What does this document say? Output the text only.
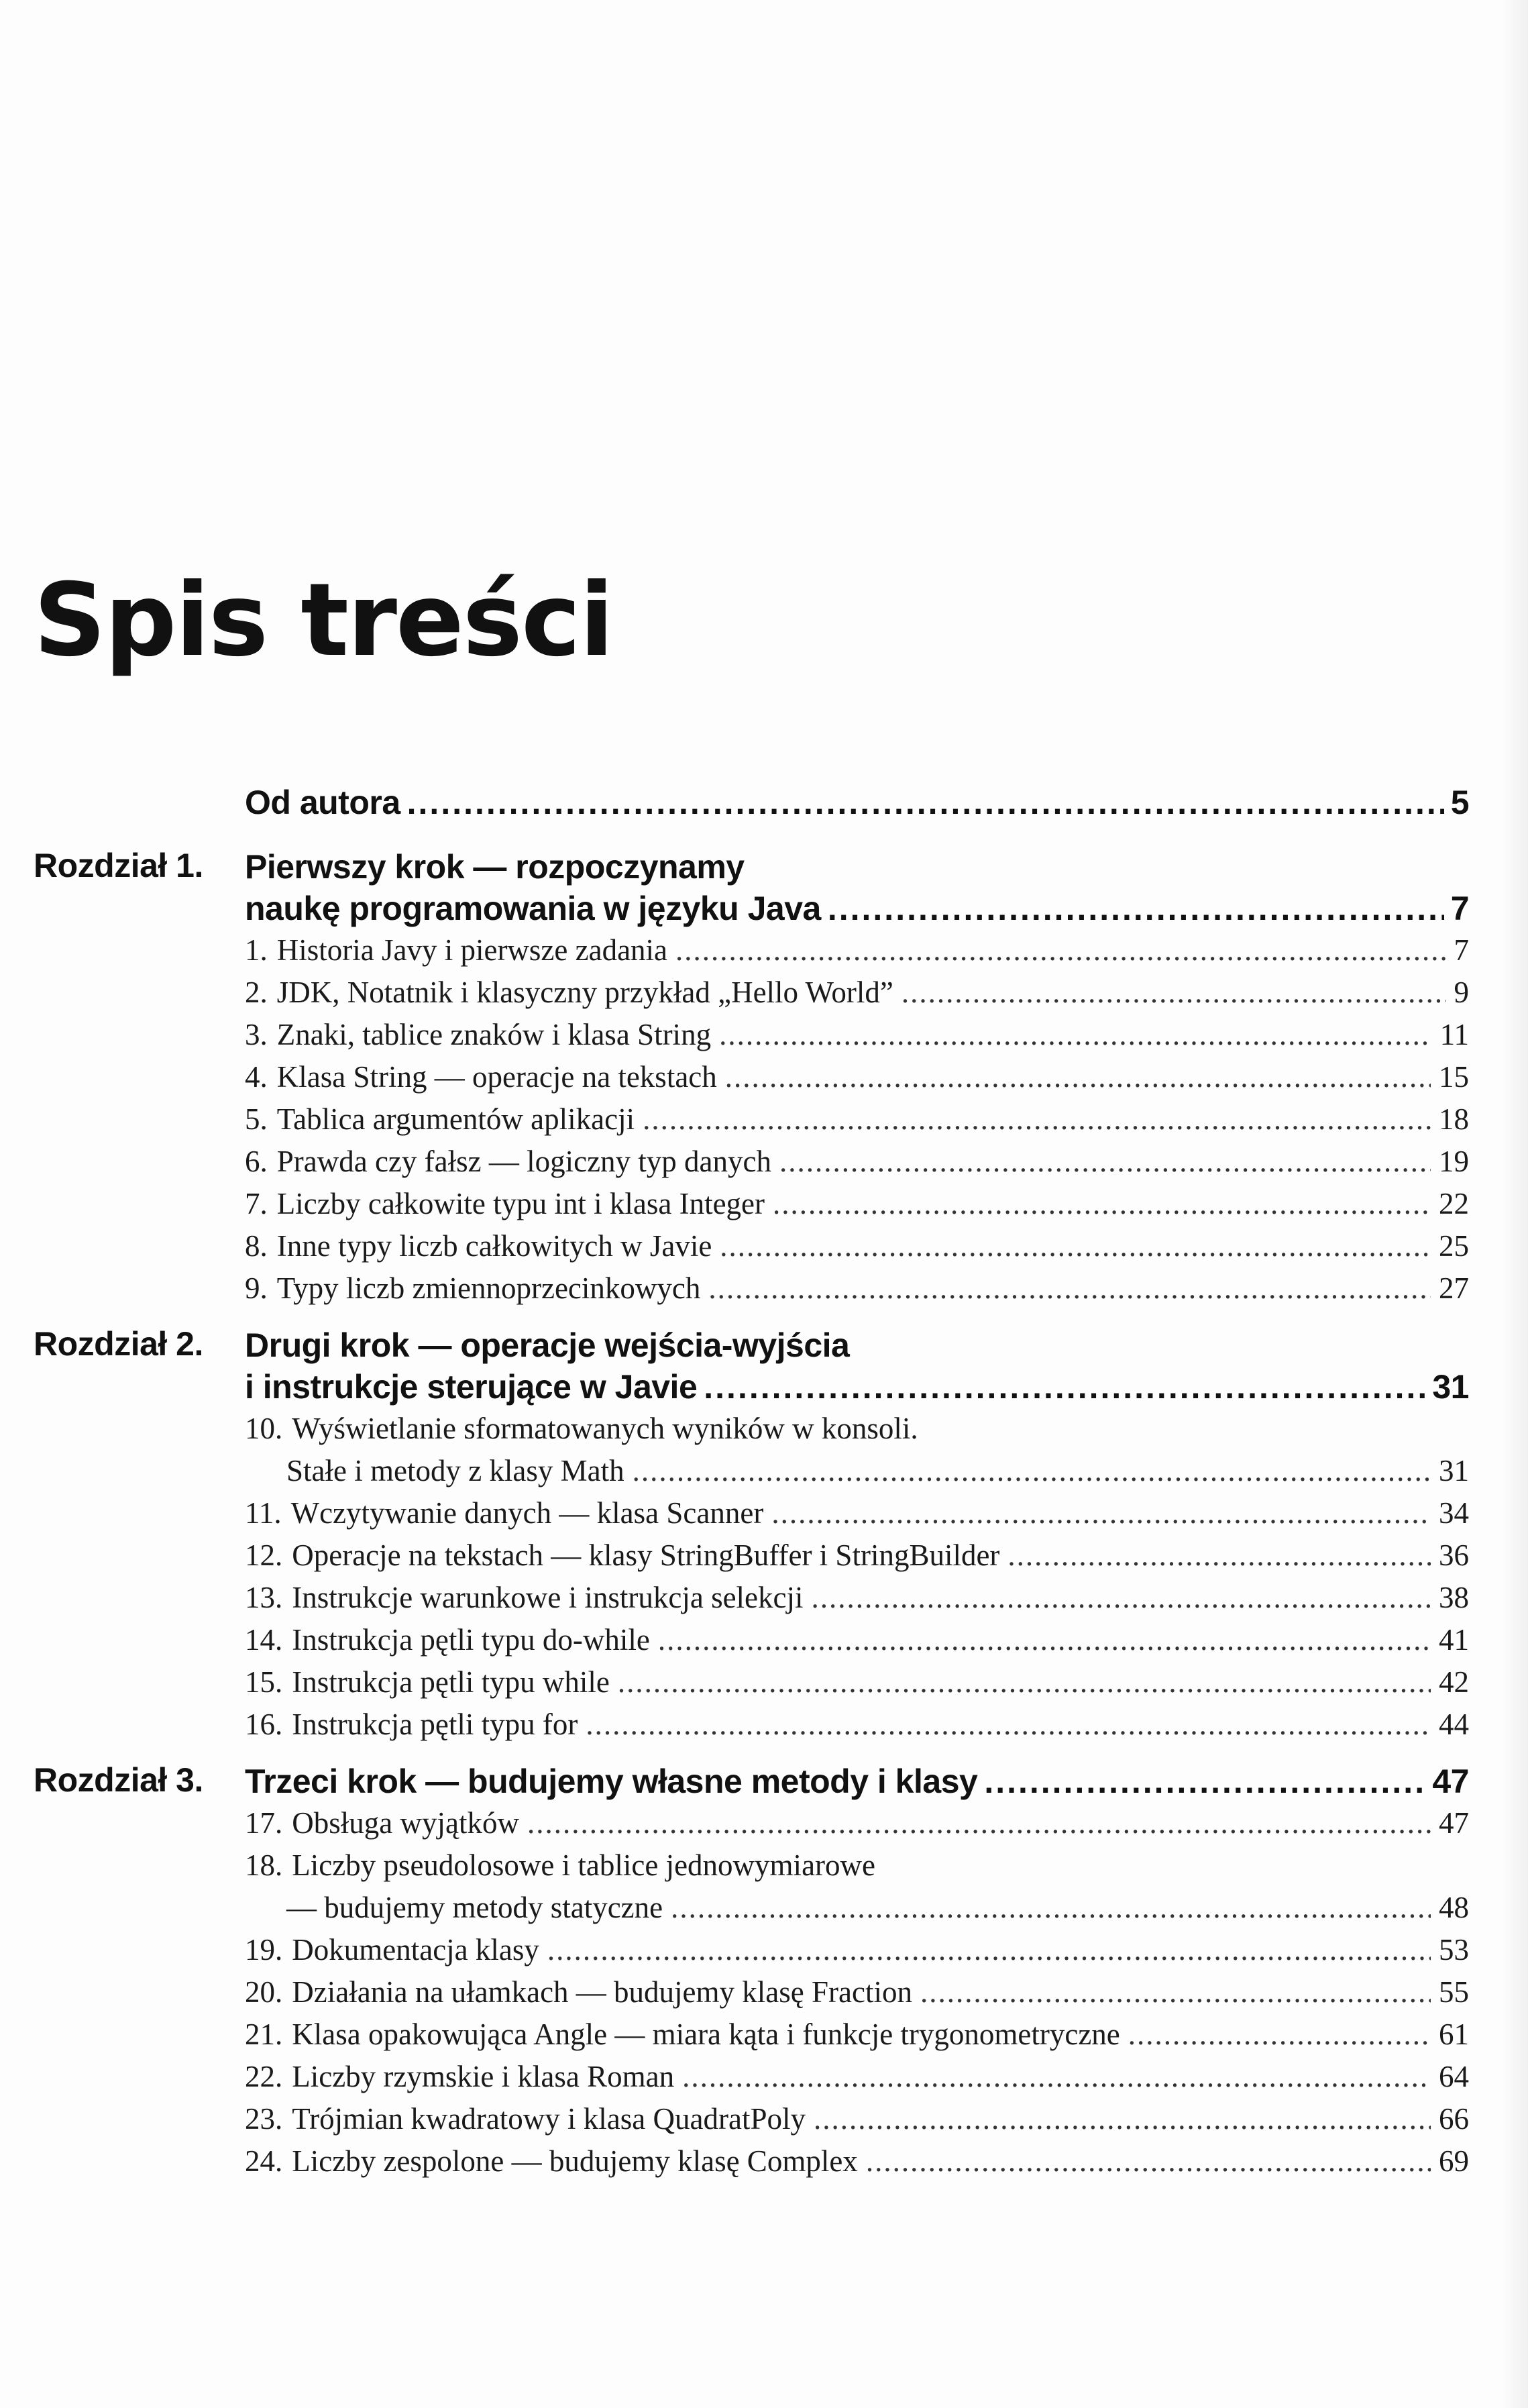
Spis treści
Od autora .....	5
Rozdział 1. Pierwszy krok — rozpoczynamy
naukę programowania w języku Java .....	7
1. Historia Javy i pierwsze zadania .....	7
2. JDK, Notatnik i klasyczny przykład „Hello World” .....	9
3. Znaki, tablice znaków i klasa String .....	11
4. Klasa String — operacje na tekstach .....	15
5. Tablica argumentów aplikacji .....	18
6. Prawda czy fałsz — logiczny typ danych .....	19
7. Liczby całkowite typu int i klasa Integer .....	22
8. Inne typy liczb całkowitych w Javie .....	25
9. Typy liczb zmiennoprzecinkowych .....	27
Rozdział 2. Drugi krok — operacje wejścia-wyjścia
i instrukcje sterujące w Javie .....	31
10. Wyświetlanie sformatowanych wyników w konsoli.
Stałe i metody z klasy Math .....	31
11. Wczytywanie danych — klasa Scanner .....	34
12. Operacje na tekstach — klasy StringBuffer i StringBuilder .....	36
13. Instrukcje warunkowe i instrukcja selekcji .....	38
14. Instrukcja pętli typu do-while .....	41
15. Instrukcja pętli typu while .....	42
16. Instrukcja pętli typu for .....	44
Rozdział 3. Trzeci krok — budujemy własne metody i klasy .....	47
17. Obsługa wyjątków .....	47
18. Liczby pseudolosowe i tablice jednowymiarowe
— budujemy metody statyczne .....	48
19. Dokumentacja klasy .....	53
20. Działania na ułamkach — budujemy klasę Fraction .....	55
21. Klasa opakowująca Angle — miara kąta i funkcje trygonometryczne .....	61
22. Liczby rzymskie i klasa Roman .....	64
23. Trójmian kwadratowy i klasa QuadratPoly .....	66
24. Liczby zespolone — budujemy klasę Complex .....	69
